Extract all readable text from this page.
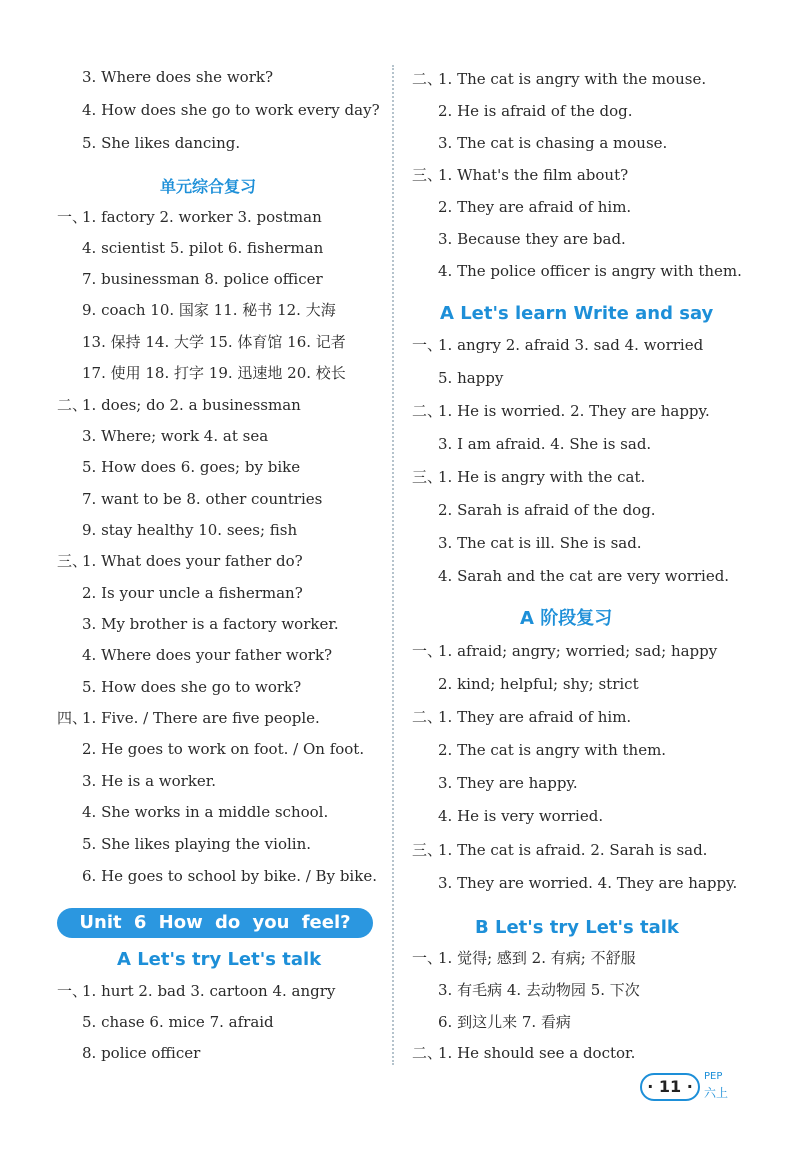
3. Where does she work?
4. How does she go to work every day?
5. She likes dancing.
单元综合复习
一、
1. factory 2. worker 3. postman
4. scientist 5. pilot 6. fisherman
7. businessman 8. police officer
9. coach 10. 国家 11. 秘书 12. 大海
13. 保持 14. 大学 15. 体育馆 16. 记者
17. 使用 18. 打字 19. 迅速地 20. 校长
二、
1. does; do 2. a businessman
3. Where; work 4. at sea
5. How does 6. goes; by bike
7. want to be 8. other countries
9. stay healthy 10. sees; fish
三、
1. What does your father do?
2. Is your uncle a fisherman?
3. My brother is a factory worker.
4. Where does your father work?
5. How does she go to work?
四、
1. Five. / There are five people.
2. He goes to work on foot. / On foot.
3. He is a worker.
4. She works in a middle school.
5. She likes playing the violin.
6. He goes to school by bike. / By bike.
Unit 6 How do you feel?
A Let's try Let's talk
一、
1. hurt 2. bad 3. cartoon 4. angry
5. chase 6. mice 7. afraid
8. police officer
二、
1. The cat is angry with the mouse.
2. He is afraid of the dog.
3. The cat is chasing a mouse.
三、
1. What's the film about?
2. They are afraid of him.
3. Because they are bad.
4. The police officer is angry with them.
A Let's learn Write and say
一、
1. angry 2. afraid 3. sad 4. worried
5. happy
二、
1. He is worried. 2. They are happy.
3. I am afraid. 4. She is sad.
三、
1. He is angry with the cat.
2. Sarah is afraid of the dog.
3. The cat is ill. She is sad.
4. Sarah and the cat are very worried.
A 阶段复习
一、
1. afraid; angry; worried; sad; happy
2. kind; helpful; shy; strict
二、
1. They are afraid of him.
2. The cat is angry with them.
3. They are happy.
4. He is very worried.
三、
1. The cat is afraid. 2. Sarah is sad.
3. They are worried. 4. They are happy.
B Let's try Let's talk
一、
1. 觉得; 感到 2. 有病; 不舒服
3. 有毛病 4. 去动物园 5. 下次
6. 到这儿来 7. 看病
二、
1. He should see a doctor.
· 11 ·
PEP
六上
